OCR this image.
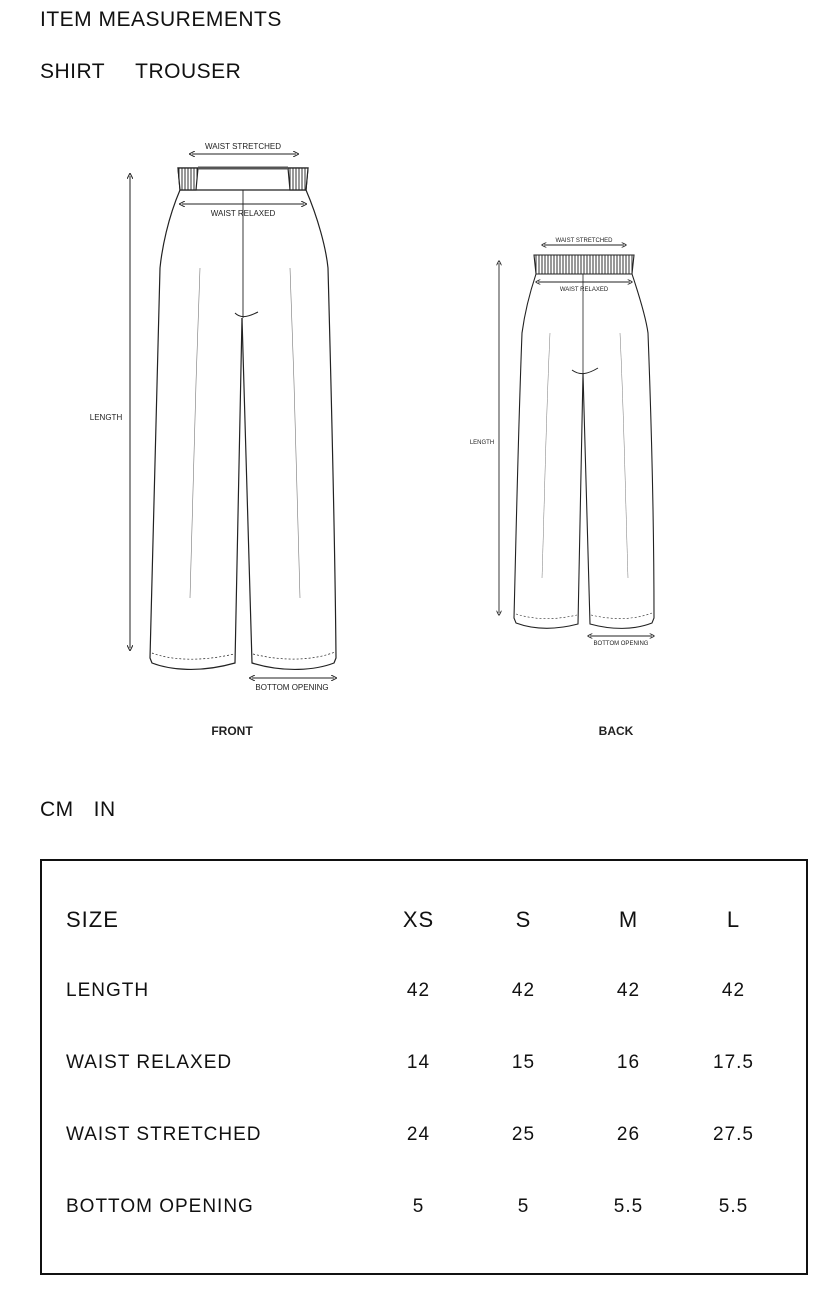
ITEM MEASUREMENTS
SHIRT TROUSER
WAIST STRETCHED
WAIST RELAXED
LENGTH
BOTTOM OPENING
FRONT
WAIST STRETCHED
WAIST RELAXED
LENGTH
BOTTOM OPENING
BACK
CM IN
SIZE	XS	S	M	L
LENGTH	42	42	42	42
WAIST RELAXED	14	15	16	17.5
WAIST STRETCHED	24	25	26	27.5
BOTTOM OPENING	5	5	5.5	5.5
